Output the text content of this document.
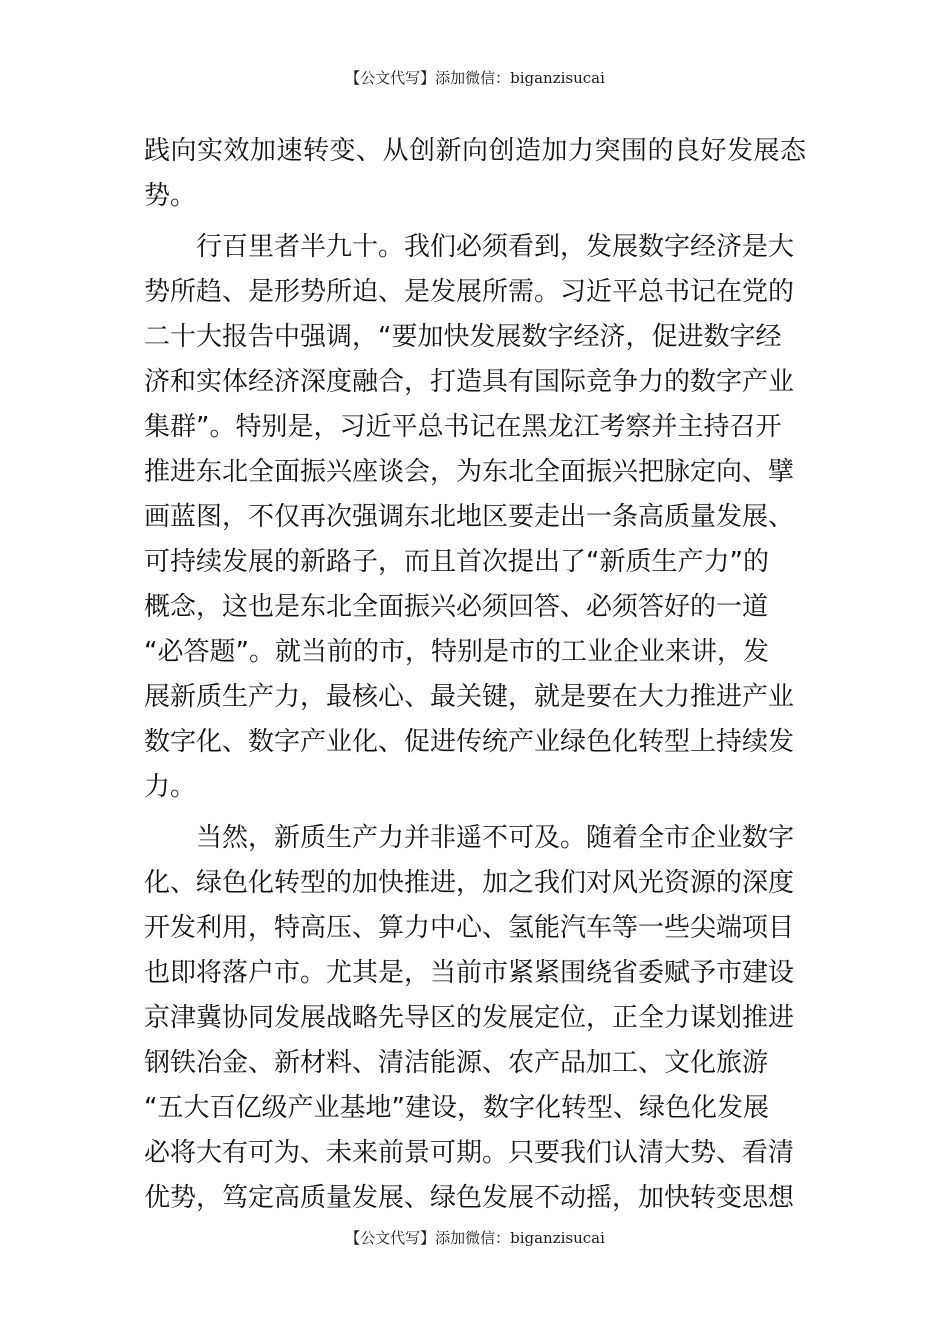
【公文代写】添加微信：biganzisucai
践向实效加速转变、从创新向创造加力突围的良好发展态
势。
行百里者半九十。我们必须看到，发展数字经济是大
势所趋、是形势所迫、是发展所需。习近平总书记在党的
二十大报告中强调，“要加快发展数字经济，促进数字经
济和实体经济深度融合，打造具有国际竞争力的数字产业
集群”。特别是，习近平总书记在黑龙江考察并主持召开
推进东北全面振兴座谈会，为东北全面振兴把脉定向、擘
画蓝图，不仅再次强调东北地区要走出一条高质量发展、
可持续发展的新路子，而且首次提出了“新质生产力”的
概念，这也是东北全面振兴必须回答、必须答好的一道
“必答题”。就当前的市，特别是市的工业企业来讲，发
展新质生产力，最核心、最关键，就是要在大力推进产业
数字化、数字产业化、促进传统产业绿色化转型上持续发
力。
当然，新质生产力并非遥不可及。随着全市企业数字
化、绿色化转型的加快推进，加之我们对风光资源的深度
开发利用，特高压、算力中心、氢能汽车等一些尖端项目
也即将落户市。尤其是，当前市紧紧围绕省委赋予市建设
京津冀协同发展战略先导区的发展定位，正全力谋划推进
钢铁冶金、新材料、清洁能源、农产品加工、文化旅游
“五大百亿级产业基地”建设，数字化转型、绿色化发展
必将大有可为、未来前景可期。只要我们认清大势、看清
优势，笃定高质量发展、绿色发展不动摇，加快转变思想
【公文代写】添加微信：biganzisucai
